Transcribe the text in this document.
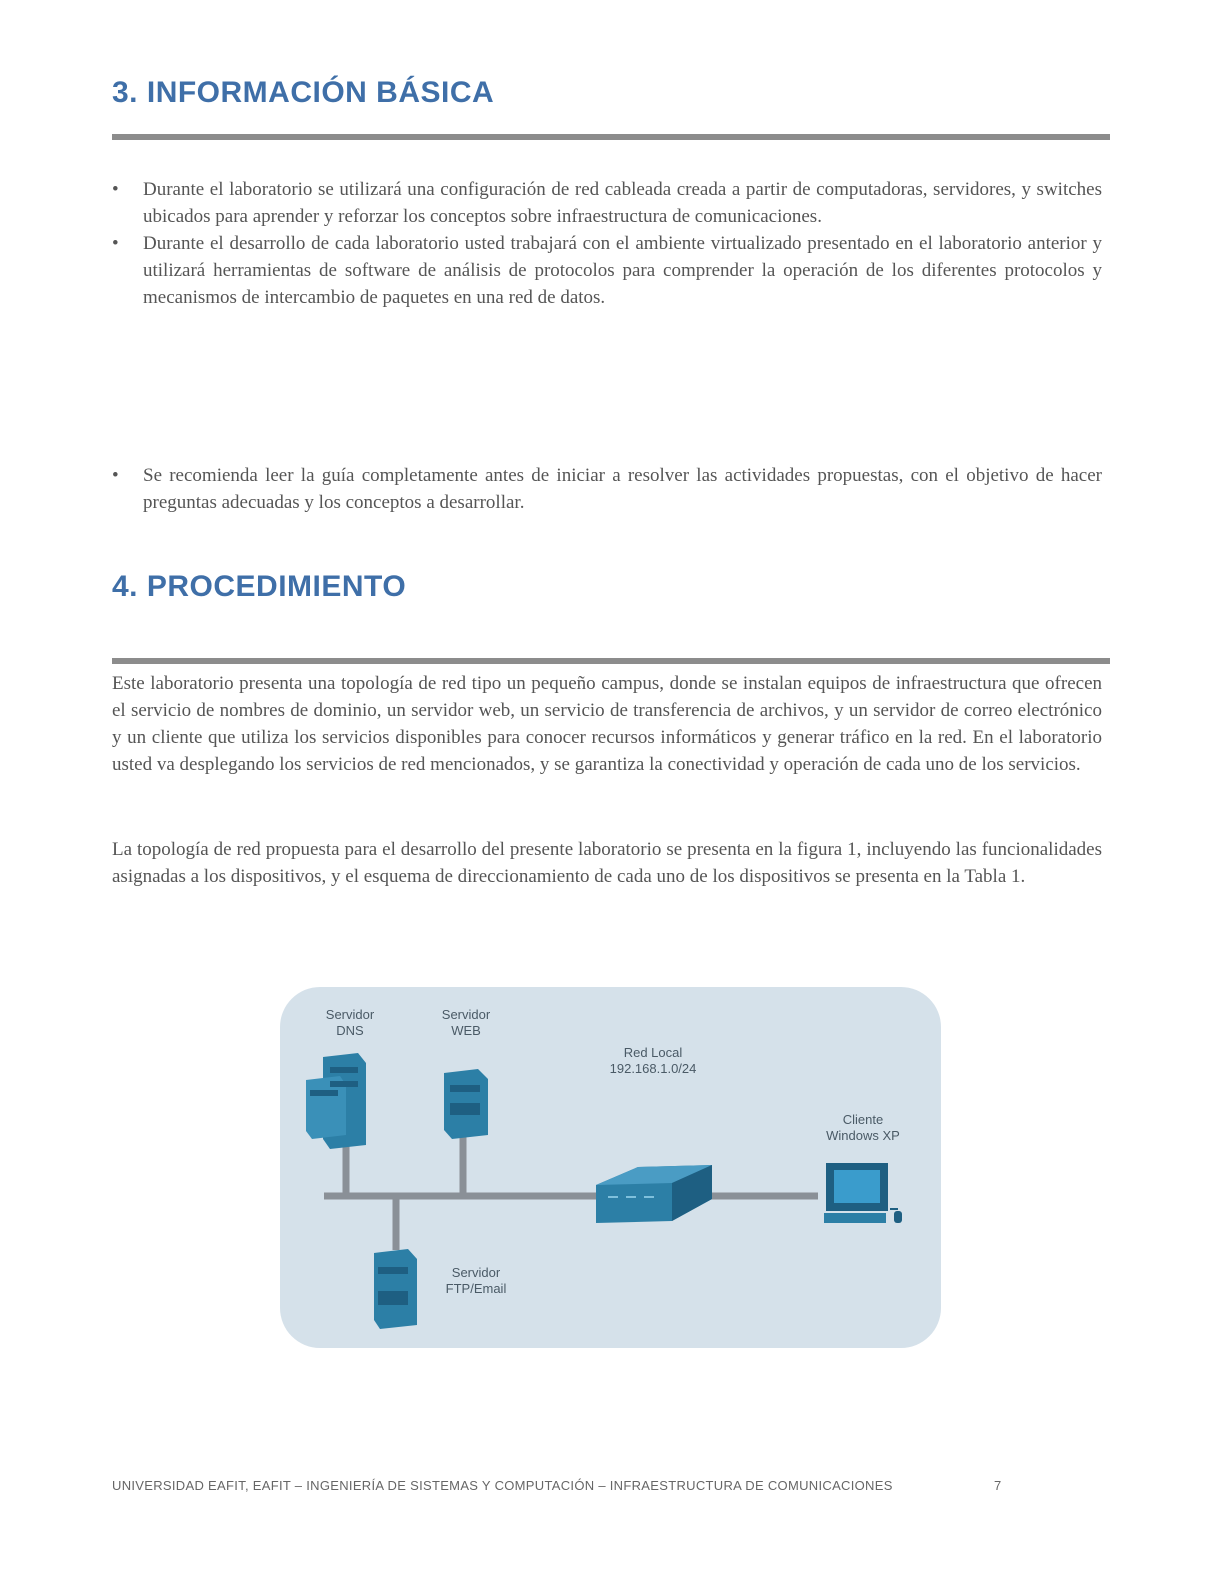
3. INFORMACIÓN BÁSICA
• Durante el laboratorio se utilizará una configuración de red cableada creada a partir de computadoras, servidores, y switches ubicados para aprender y reforzar los conceptos sobre infraestructura de comunicaciones.
• Durante el desarrollo de cada laboratorio usted trabajará con el ambiente virtualizado presentado en el laboratorio anterior y utilizará herramientas de software de análisis de protocolos para comprender la operación de los diferentes protocolos y mecanismos de intercambio de paquetes en una red de datos.
• Se recomienda leer la guía completamente antes de iniciar a resolver las actividades propuestas, con el objetivo de hacer preguntas adecuadas y los conceptos a desarrollar.
4. PROCEDIMIENTO

Este laboratorio presenta una topología de red tipo un pequeño campus, donde se instalan equipos de infraestructura que ofrecen el servicio de nombres de dominio, un servidor web, un servicio de transferencia de archivos, y un servidor de correo electrónico y un cliente que utiliza los servicios disponibles para conocer recursos informáticos y generar tráfico en la red. En el laboratorio usted va desplegando los servicios de red mencionados, y se garantiza la conectividad y operación de cada uno de los servicios.

La topología de red propuesta para el desarrollo del presente laboratorio se presenta en la figura 1, incluyendo las funcionalidades asignadas a los dispositivos, y el esquema de direccionamiento de cada uno de los dispositivos se presenta en la Tabla 1.

Servidor
DNS
Servidor
WEB
Red Local
192.168.1.0/24
Cliente
Windows XP
Servidor
FTP/Email
UNIVERSIDAD EAFIT, EAFIT – INGENIERÍA DE SISTEMAS Y COMPUTACIÓN – INFRAESTRUCTURA DE COMUNICACIONES	7
